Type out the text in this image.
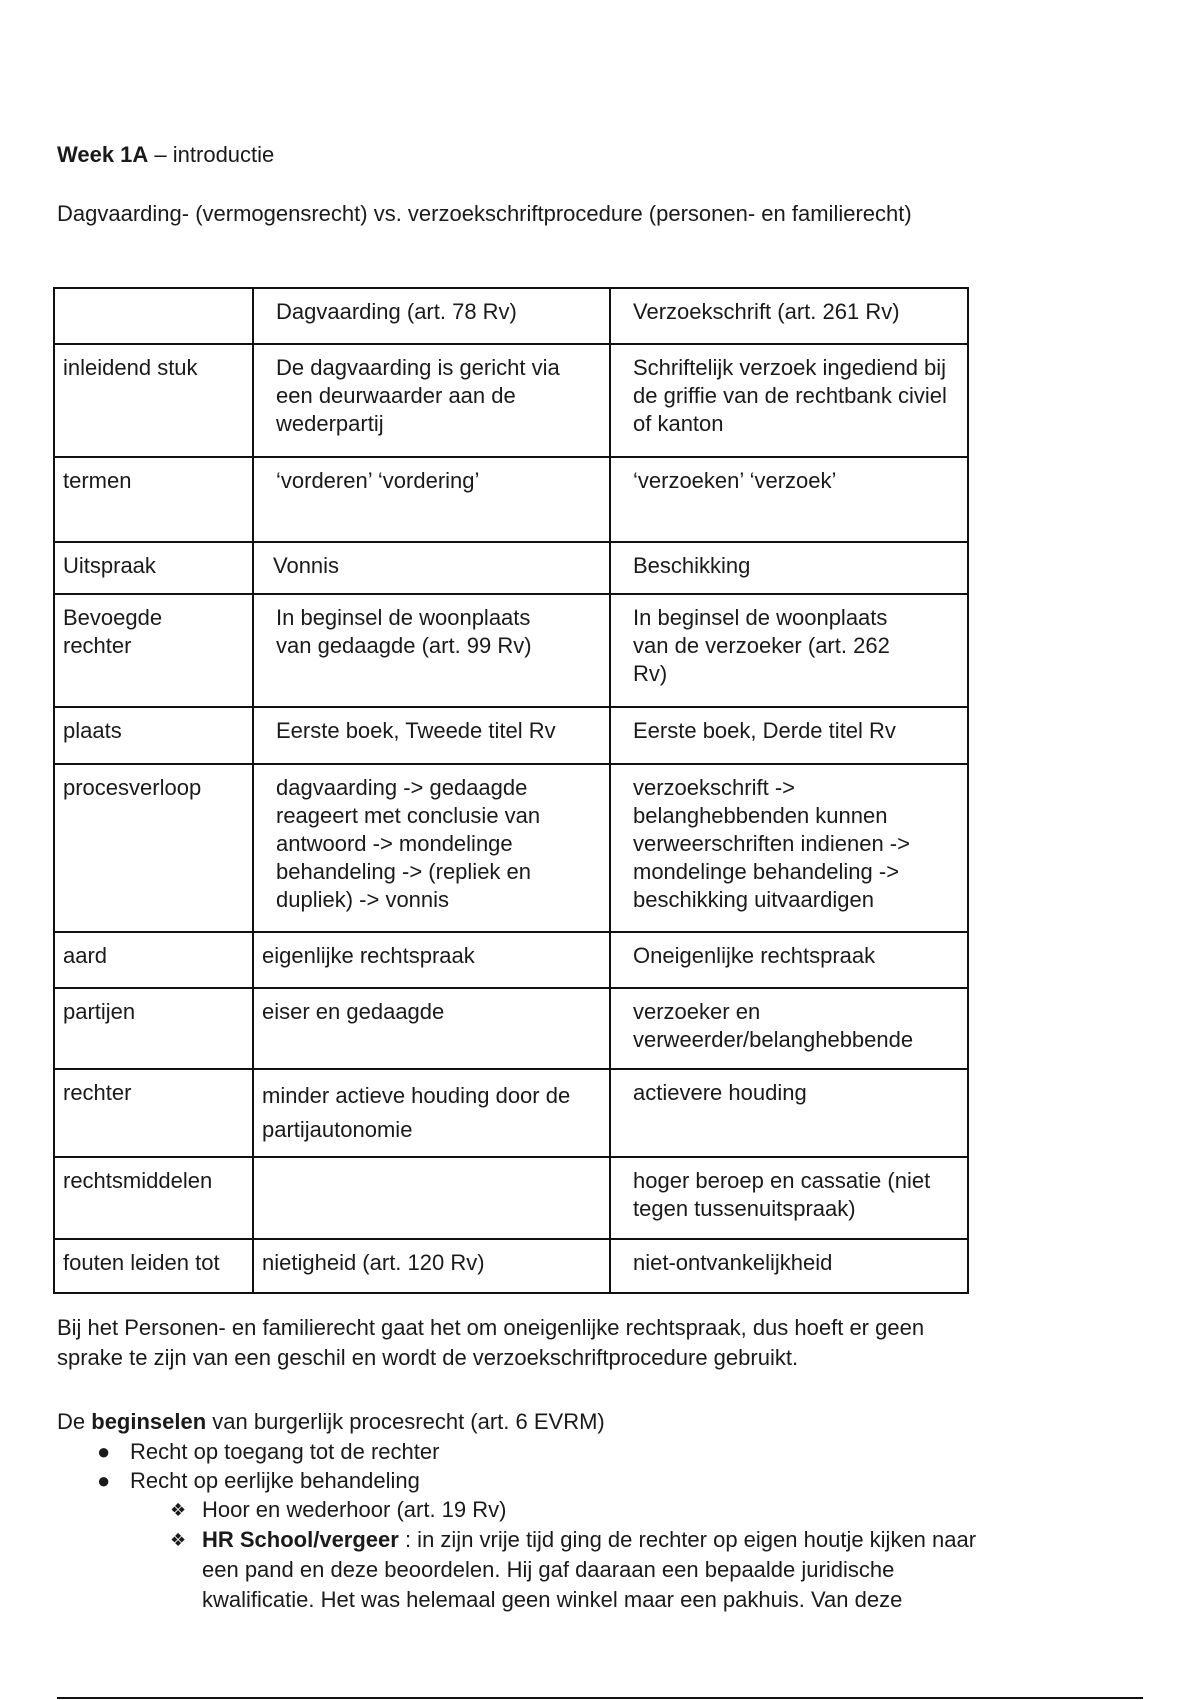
Week 1A – introductie

Dagvaarding- (vermogensrecht) vs. verzoekschriftprocedure (personen- en familierecht)

	Dagvaarding (art. 78 Rv)	Verzoekschrift (art. 261 Rv)
inleidend stuk	De dagvaarding is gericht via een deurwaarder aan de wederpartij	Schriftelijk verzoek ingediend bij de griffie van de rechtbank civiel of kanton
termen	‘vorderen’ ‘vordering’	‘verzoeken’ ‘verzoek’
Uitspraak	Vonnis	Beschikking
Bevoegde rechter	In beginsel de woonplaats van gedaagde (art. 99 Rv)	In beginsel de woonplaats van de verzoeker (art. 262 Rv)
plaats	Eerste boek, Tweede titel Rv	Eerste boek, Derde titel Rv
procesverloop	dagvaarding -> gedaagde reageert met conclusie van antwoord -> mondelinge behandeling -> (repliek en dupliek) -> vonnis	verzoekschrift -> belanghebbenden kunnen verweerschriften indienen -> mondelinge behandeling -> beschikking uitvaardigen
aard	eigenlijke rechtspraak	Oneigenlijke rechtspraak
partijen	eiser en gedaagde	verzoeker en verweerder/belanghebbende
rechter	minder actieve houding door de partijautonomie	actievere houding
rechtsmiddelen		hoger beroep en cassatie (niet tegen tussenuitspraak)
fouten leiden tot	nietigheid (art. 120 Rv)	niet-ontvankelijkheid

Bij het Personen- en familierecht gaat het om oneigenlijke rechtspraak, dus hoeft er geen sprake te zijn van een geschil en wordt de verzoekschriftprocedure gebruikt.

De beginselen van burgerlijk procesrecht (art. 6 EVRM)

● Recht op toegang tot de rechter
● Recht op eerlijke behandeling
❖ Hoor en wederhoor (art. 19 Rv)
❖ HR School/vergeer : in zijn vrije tijd ging de rechter op eigen houtje kijken naar een pand en deze beoordelen. Hij gaf daaraan een bepaalde juridische kwalificatie. Het was helemaal geen winkel maar een pakhuis. Van deze
